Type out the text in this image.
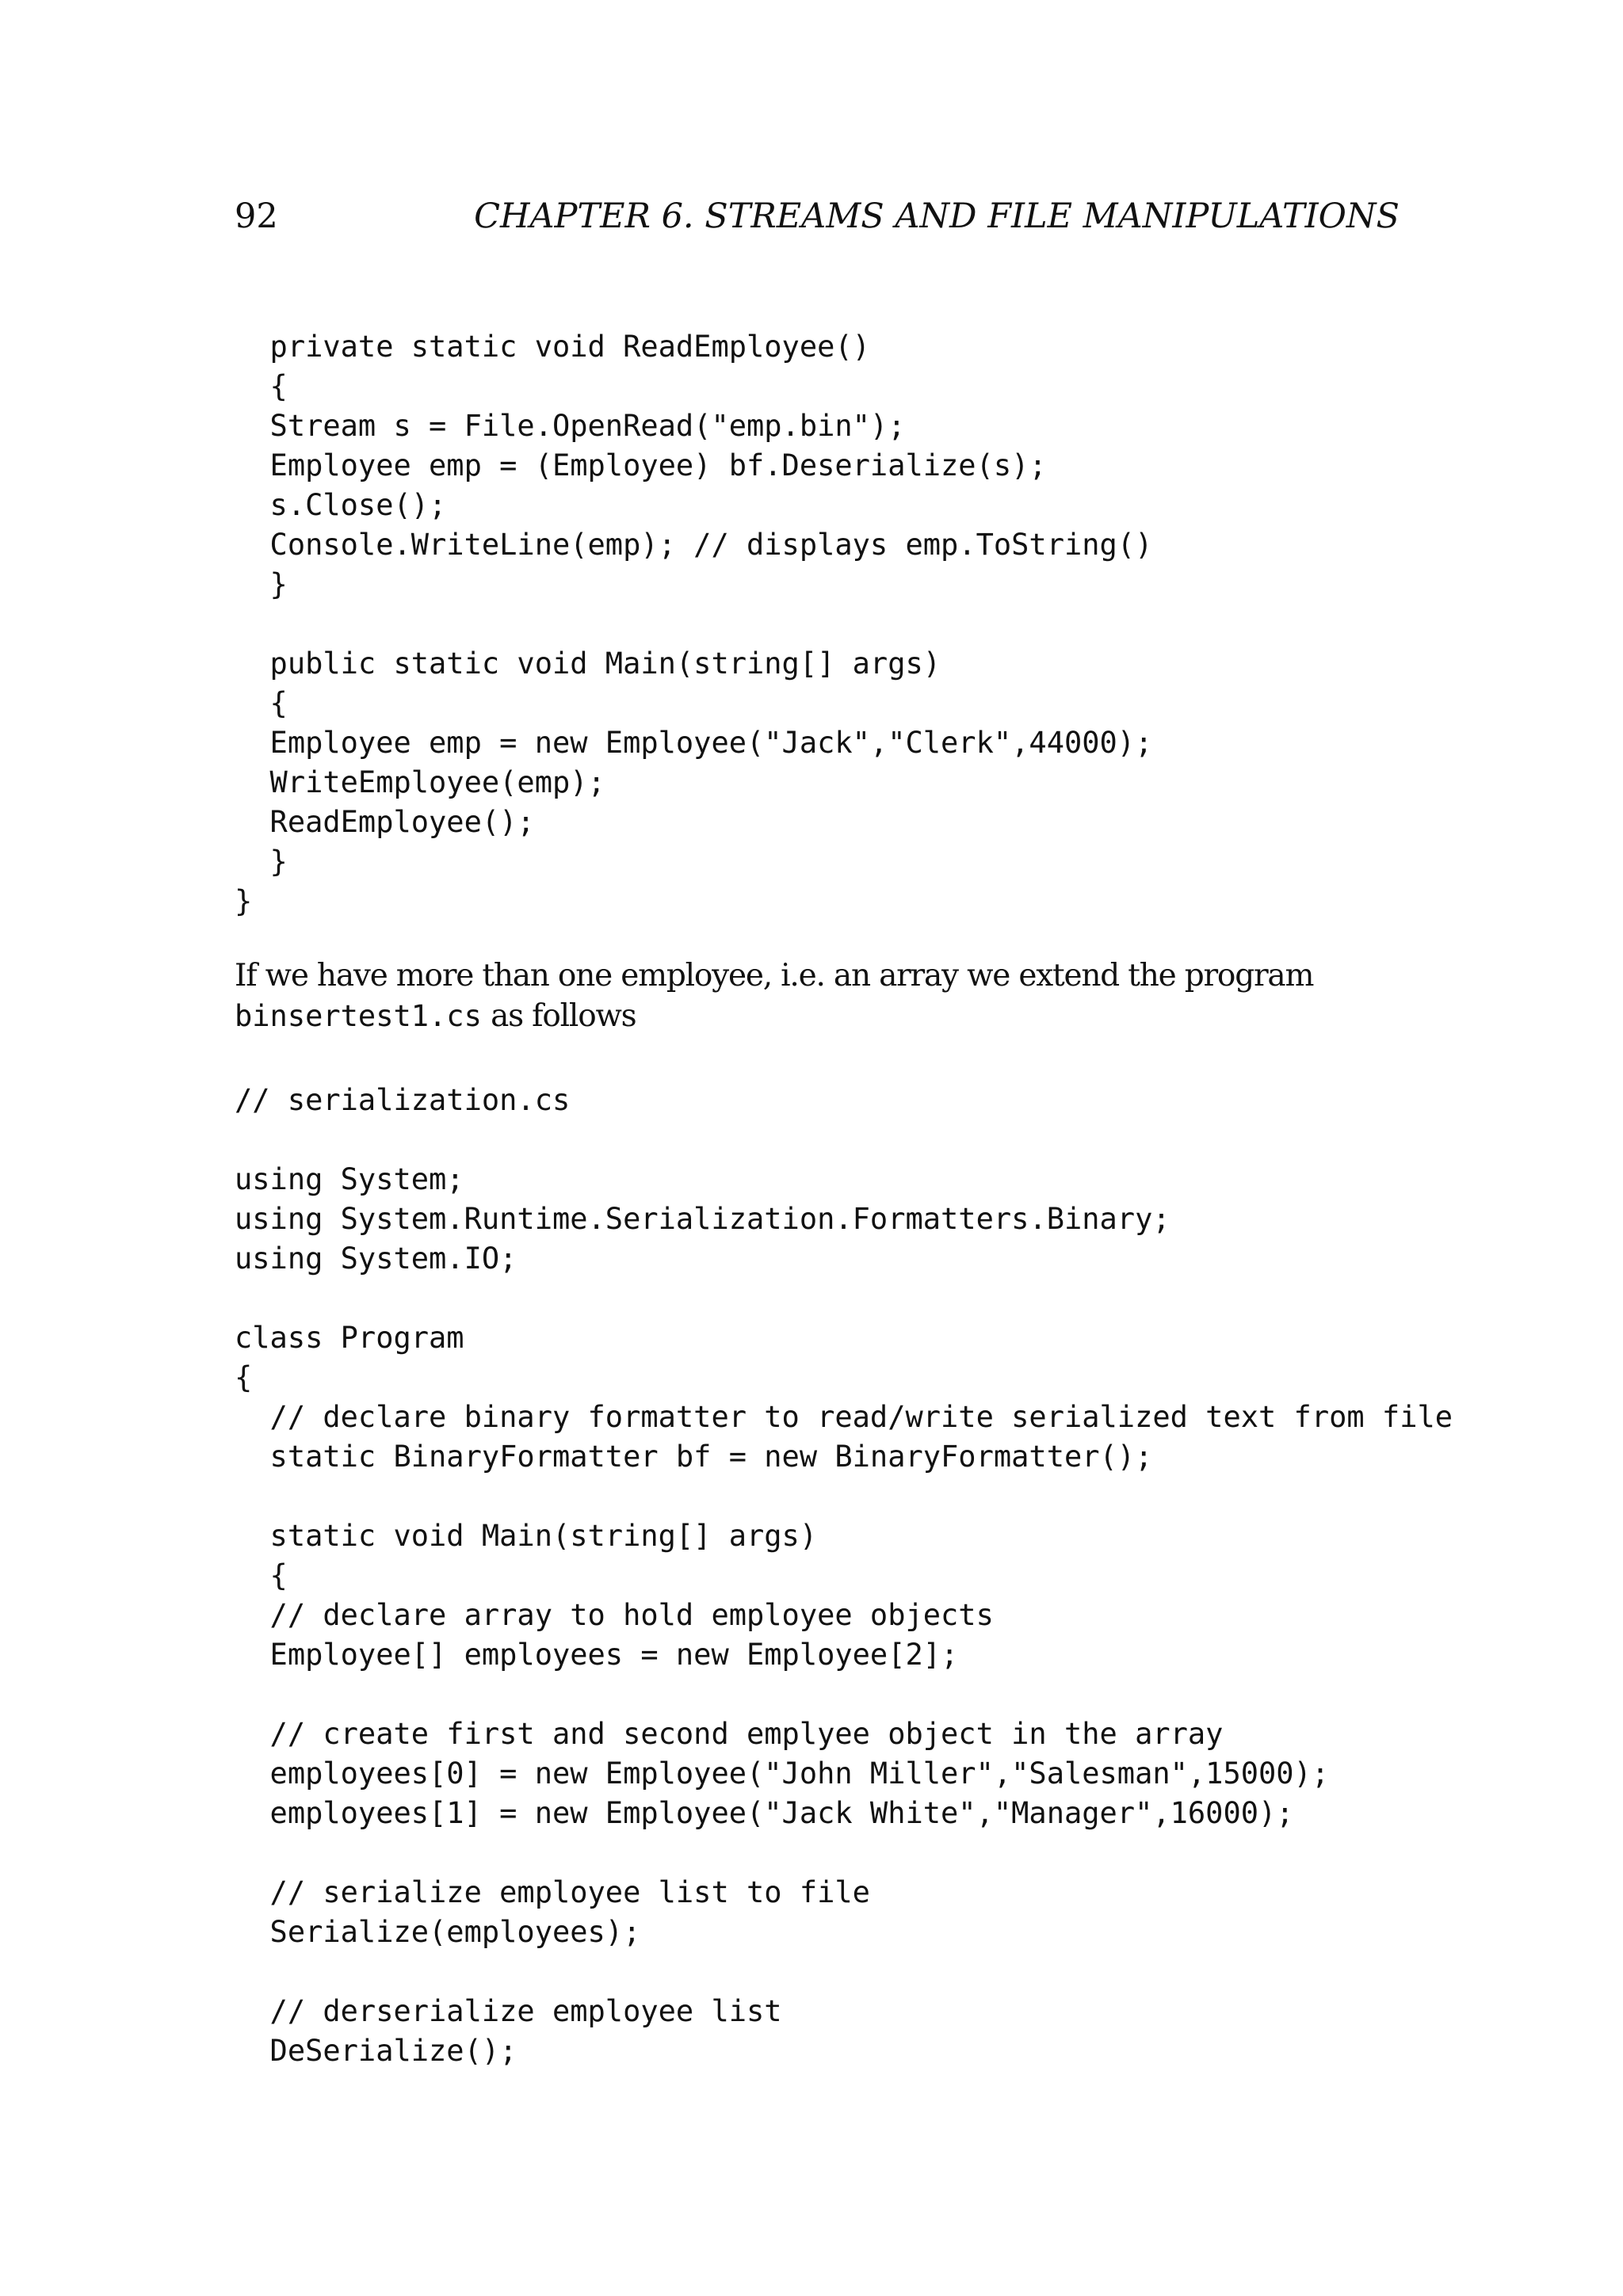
92	CHAPTER 6. STREAMS AND FILE MANIPULATIONS
private static void ReadEmployee()
{
Stream s = File.OpenRead("emp.bin");
Employee emp = (Employee) bf.Deserialize(s);
s.Close();
Console.WriteLine(emp); // displays emp.ToString()
}

public static void Main(string[] args)
{
Employee emp = new Employee("Jack","Clerk",44000);
WriteEmployee(emp);
ReadEmployee();
}
}

If we have more than one employee, i.e. an array we extend the program binsertest1.cs as follows

// serialization.cs

using System;
using System.Runtime.Serialization.Formatters.Binary;
using System.IO;

class Program
{
// declare binary formatter to read/write serialized text from file
static BinaryFormatter bf = new BinaryFormatter();

static void Main(string[] args)
{
// declare array to hold employee objects
Employee[] employees = new Employee[2];

// create first and second emplyee object in the array
employees[0] = new Employee("John Miller","Salesman",15000);
employees[1] = new Employee("Jack White","Manager",16000);

// serialize employee list to file
Serialize(employees);

// derserialize employee list
DeSerialize();
